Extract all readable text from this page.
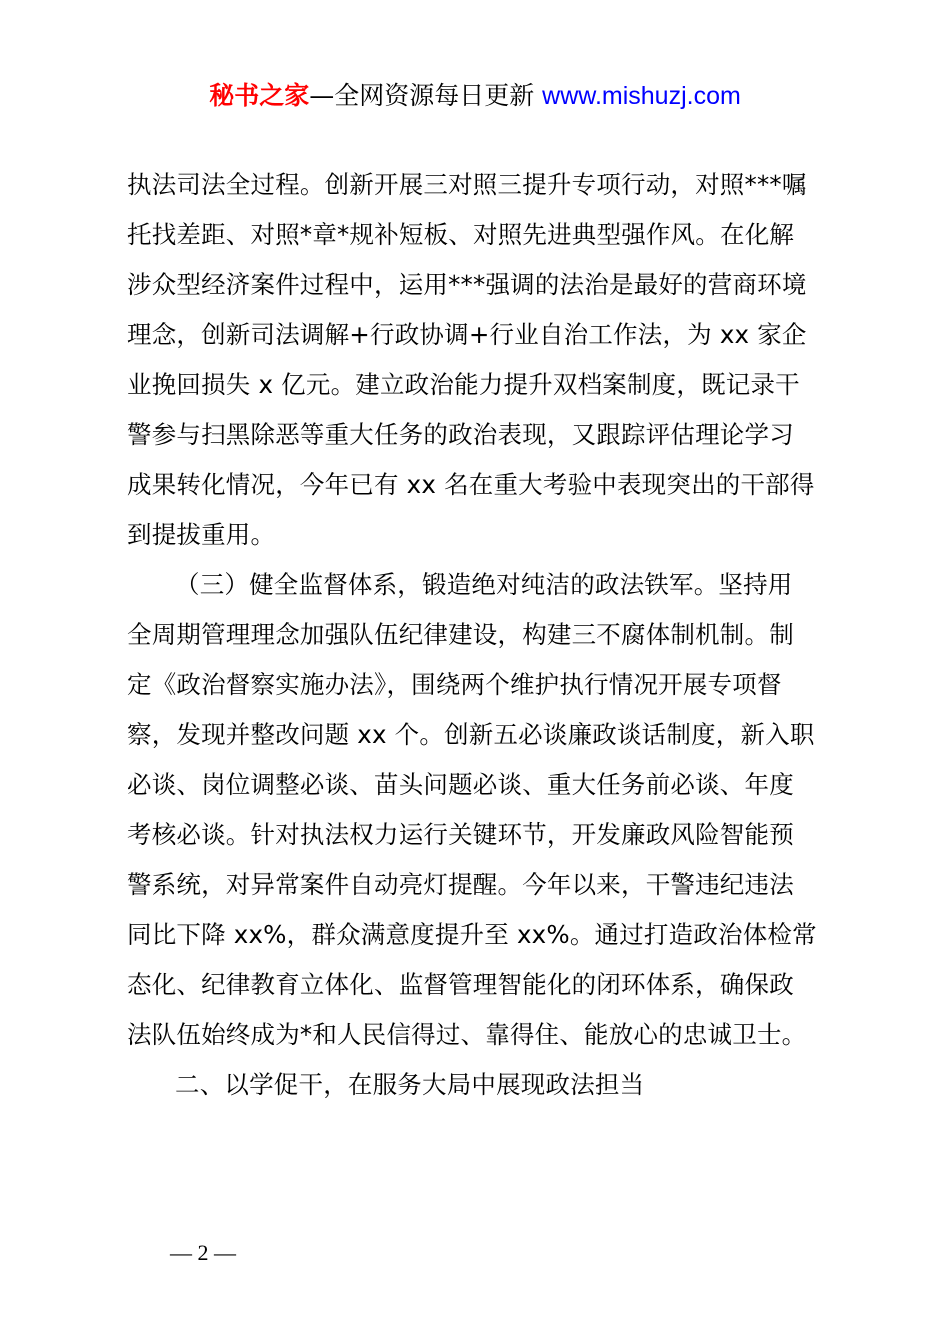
秘书之家—全网资源每日更新 www.mishuzj.com
执法司法全过程。创新开展三对照三提升专项行动，对照***嘱
托找差距、对照*章*规补短板、对照先进典型强作风。在化解
涉众型经济案件过程中，运用***强调的法治是最好的营商环境
理念，创新司法调解+行政协调+行业自治工作法，为 xx 家企
业挽回损失 x 亿元。建立政治能力提升双档案制度，既记录干
警参与扫黑除恶等重大任务的政治表现，又跟踪评估理论学习
成果转化情况，今年已有 xx 名在重大考验中表现突出的干部得
到提拔重用。
（三）健全监督体系，锻造绝对纯洁的政法铁军。坚持用
全周期管理理念加强队伍纪律建设，构建三不腐体制机制。制
定《政治督察实施办法》，围绕两个维护执行情况开展专项督
察，发现并整改问题 xx 个。创新五必谈廉政谈话制度，新入职
必谈、岗位调整必谈、苗头问题必谈、重大任务前必谈、年度
考核必谈。针对执法权力运行关键环节，开发廉政风险智能预
警系统，对异常案件自动亮灯提醒。今年以来，干警违纪违法
同比下降 xx%，群众满意度提升至 xx%。通过打造政治体检常
态化、纪律教育立体化、监督管理智能化的闭环体系，确保政
法队伍始终成为*和人民信得过、靠得住、能放心的忠诚卫士。
二、以学促干，在服务大局中展现政法担当
— 2 —
